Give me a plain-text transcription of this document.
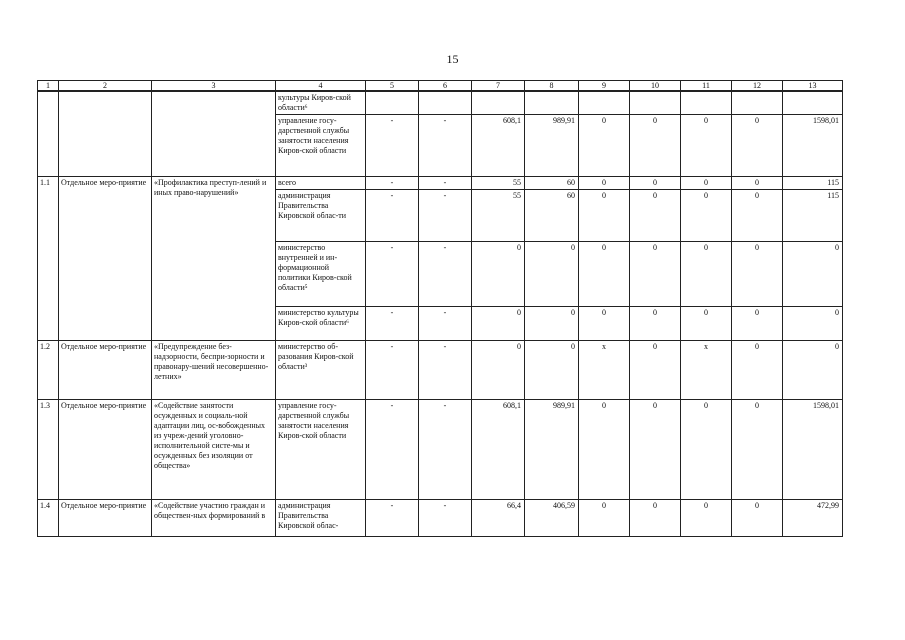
15
1	2	3	4	5	6	7	8	9	10	11	12	13
			культуры Киров-ской области⁶									
			управление госу-дарственной службы занятости населения Киров-ской области	-	-	608,1	989,91	0	0	0	0	1598,01
1.1	Отдельное меро-приятие	«Профилактика преступ-лений и иных право-нарушений»	всего	-	-	55	60	0	0	0	0	115
			администрация Правительства Кировской облас-ти	-	-	55	60	0	0	0	0	115
			министерство внутренней и ин-формационной политики Киров-ской области⁵	-	-	0	0	0	0	0	0	0
			министерство культуры Киров-ской области⁶	-	-	0	0	0	0	0	0	0
1.2	Отдельное меро-приятие	«Предупреждение без-надзорности, беспри-зорности и правонару-шений несовершенно-летних»	министерство об-разования Киров-ской области³	-	-	0	0	x	0	x	0	0
1.3	Отдельное меро-приятие	«Содействие занятости осужденных и социаль-ной адаптации лиц, ос-вобожденных из учреж-дений уголовно-исполнительной систе-мы и осужденных без изоляции от общества»	управление госу-дарственной службы занятости населения Киров-ской области	-	-	608,1	989,91	0	0	0	0	1598,01
1.4	Отдельное меро-приятие	«Содействие участию граждан и обществен-ных формирований в	администрация Правительства Кировской облас-	-	-	66,4	406,59	0	0	0	0	472,99
